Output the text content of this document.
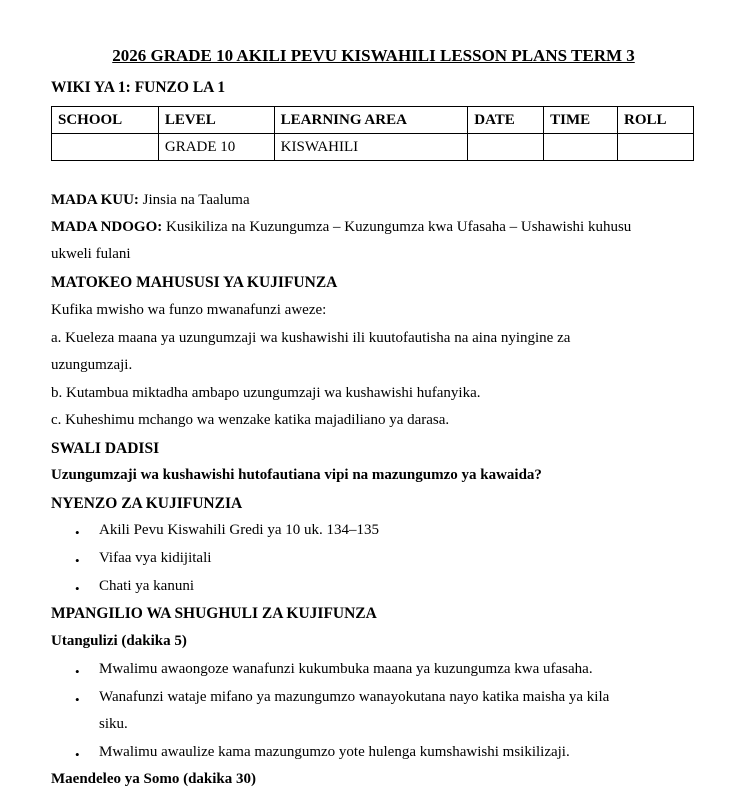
2026 GRADE 10 AKILI PEVU KISWAHILI LESSON PLANS TERM 3
WIKI YA 1: FUNZO LA 1
SCHOOL	LEVEL	LEARNING AREA	DATE	TIME	ROLL
	GRADE 10	KISWAHILI			
MADA KUU: Jinsia na Taaluma
MADA NDOGO: Kusikiliza na Kuzungumza – Kuzungumza kwa Ufasaha – Ushawishi kuhusu
ukweli fulani
MATOKEO MAHUSUSI YA KUJIFUNZA
Kufika mwisho wa funzo mwanafunzi aweze:
a. Kueleza maana ya uzungumzaji wa kushawishi ili kuutofautisha na aina nyingine za
uzungumzaji.
b. Kutambua miktadha ambapo uzungumzaji wa kushawishi hufanyika.
c. Kuheshimu mchango wa wenzake katika majadiliano ya darasa.
SWALI DADISI
Uzungumzaji wa kushawishi hutofautiana vipi na mazungumzo ya kawaida?
NYENZO ZA KUJIFUNZIA
• Akili Pevu Kiswahili Gredi ya 10 uk. 134–135
• Vifaa vya kidijitali
• Chati ya kanuni
MPANGILIO WA SHUGHULI ZA KUJIFUNZA
Utangulizi (dakika 5)
• Mwalimu awaongoze wanafunzi kukumbuka maana ya kuzungumza kwa ufasaha.
• Wanafunzi wataje mifano ya mazungumzo wanayokutana nayo katika maisha ya kila
siku.
• Mwalimu awaulize kama mazungumzo yote hulenga kumshawishi msikilizaji.
Maendeleo ya Somo (dakika 30)
